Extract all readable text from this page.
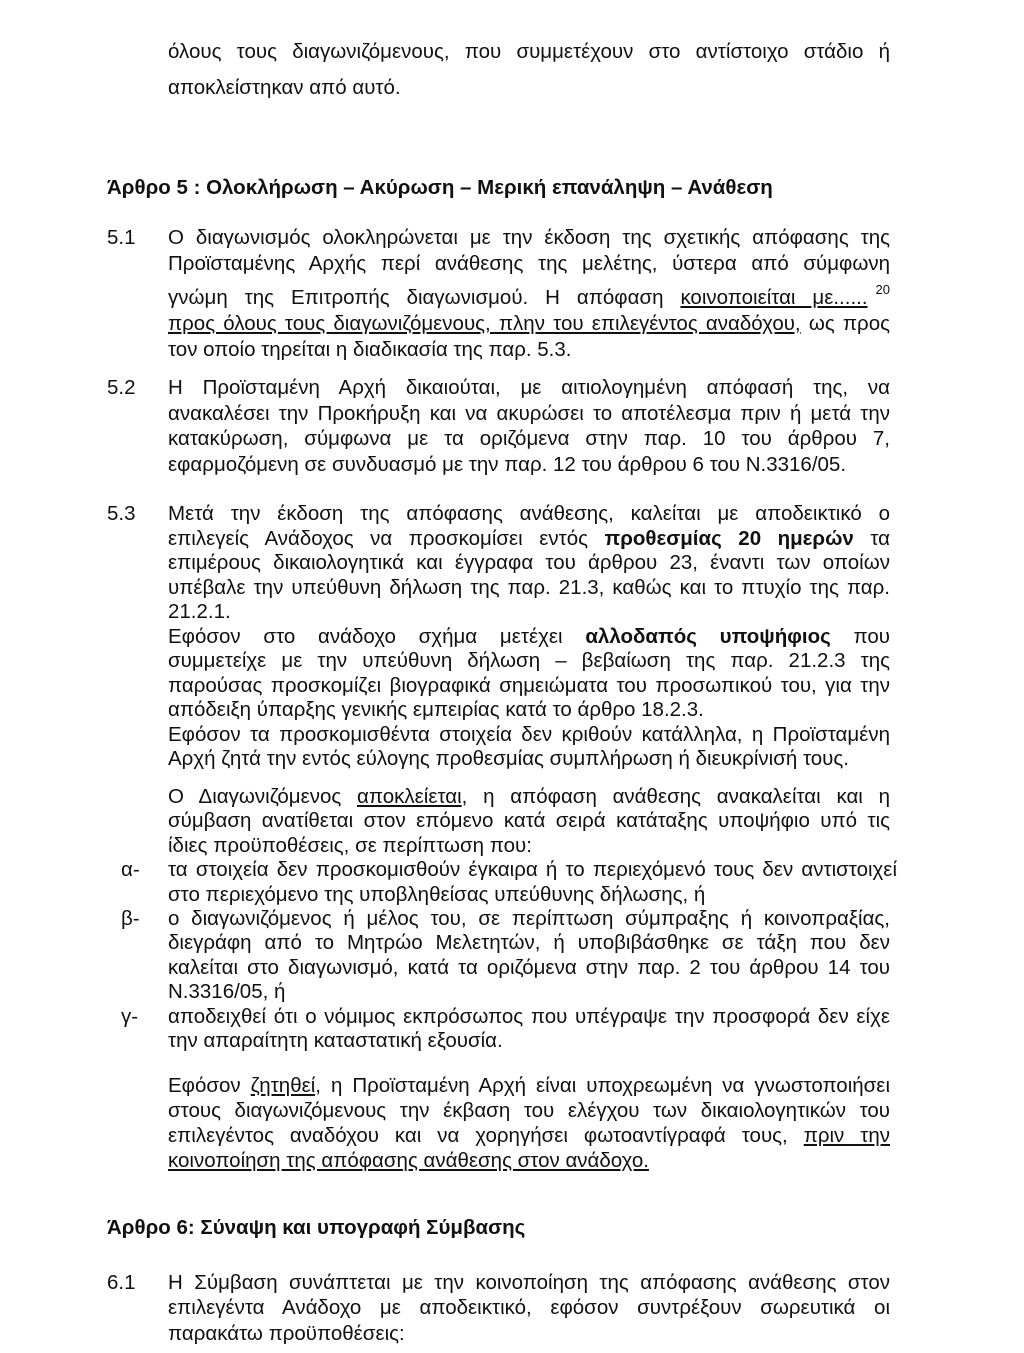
όλους τους διαγωνιζόμενους, που συμμετέχουν στο αντίστοιχο στάδιο ή
αποκλείστηκαν από αυτό.
Άρθρο 5 : Ολοκλήρωση – Ακύρωση – Μερική επανάληψη – Ανάθεση
5.1 Ο διαγωνισμός ολοκληρώνεται με την έκδοση της σχετικής απόφασης της
Προϊσταμένης Αρχής περί ανάθεσης της μελέτης, ύστερα από σύμφωνη
γνώμη της Επιτροπής διαγωνισμού. Η απόφαση κοινοποιείται με...... $^{20}$
προς όλους τους διαγωνιζόμενους, πλην του επιλεγέντος αναδόχου, ως προς
τον οποίο τηρείται η διαδικασία της παρ. 5.3.
5.2 Η Προϊσταμένη Αρχή δικαιούται, με αιτιολογημένη απόφασή της, να
ανακαλέσει την Προκήρυξη και να ακυρώσει το αποτέλεσμα πριν ή μετά την
κατακύρωση, σύμφωνα με τα οριζόμενα στην παρ. 10 του άρθρου 7,
εφαρμοζόμενη σε συνδυασμό με την παρ. 12 του άρθρου 6 του Ν.3316/05.
5.3 Μετά την έκδοση της απόφασης ανάθεσης, καλείται με αποδεικτικό ο
επιλεγείς Ανάδοχος να προσκομίσει εντός προθεσμίας 20 ημερών τα
επιμέρους δικαιολογητικά και έγγραφα του άρθρου 23, έναντι των οποίων
υπέβαλε την υπεύθυνη δήλωση της παρ. 21.3, καθώς και το πτυχίο της παρ.
21.2.1.
Εφόσον στο ανάδοχο σχήμα μετέχει αλλοδαπός υποψήφιος που
συμμετείχε με την υπεύθυνη δήλωση – βεβαίωση της παρ. 21.2.3 της
παρούσας προσκομίζει βιογραφικά σημειώματα του προσωπικού του, για την
απόδειξη ύπαρξης γενικής εμπειρίας κατά το άρθρο 18.2.3.
Εφόσον τα προσκομισθέντα στοιχεία δεν κριθούν κατάλληλα, η Προϊσταμένη
Αρχή ζητά την εντός εύλογης προθεσμίας συμπλήρωση ή διευκρίνισή τους.
Ο Διαγωνιζόμενος αποκλείεται, η απόφαση ανάθεσης ανακαλείται και η
σύμβαση ανατίθεται στον επόμενο κατά σειρά κατάταξης υποψήφιο υπό τις
ίδιες προϋποθέσεις, σε περίπτωση που:
α- τα στοιχεία δεν προσκομισθούν έγκαιρα ή το περιεχόμενό τους δεν αντιστοιχεί
στο περιεχόμενο της υποβληθείσας υπεύθυνης δήλωσης, ή
β- ο διαγωνιζόμενος ή μέλος του, σε περίπτωση σύμπραξης ή κοινοπραξίας,
διεγράφη από το Μητρώο Μελετητών, ή υποβιβάσθηκε σε τάξη που δεν
καλείται στο διαγωνισμό, κατά τα οριζόμενα στην παρ. 2 του άρθρου 14 του
Ν.3316/05, ή
γ- αποδειχθεί ότι ο νόμιμος εκπρόσωπος που υπέγραψε την προσφορά δεν είχε
την απαραίτητη καταστατική εξουσία.
Εφόσον ζητηθεί, η Προϊσταμένη Αρχή είναι υποχρεωμένη να γνωστοποιήσει
στους διαγωνιζόμενους την έκβαση του ελέγχου των δικαιολογητικών του
επιλεγέντος αναδόχου και να χορηγήσει φωτοαντίγραφά τους, πριν την
κοινοποίηση της απόφασης ανάθεσης στον ανάδοχο.
Άρθρο 6: Σύναψη και υπογραφή Σύμβασης
6.1 Η Σύμβαση συνάπτεται με την κοινοποίηση της απόφασης ανάθεσης στον
επιλεγέντα Ανάδοχο με αποδεικτικό, εφόσον συντρέξουν σωρευτικά οι
παρακάτω προϋποθέσεις:
